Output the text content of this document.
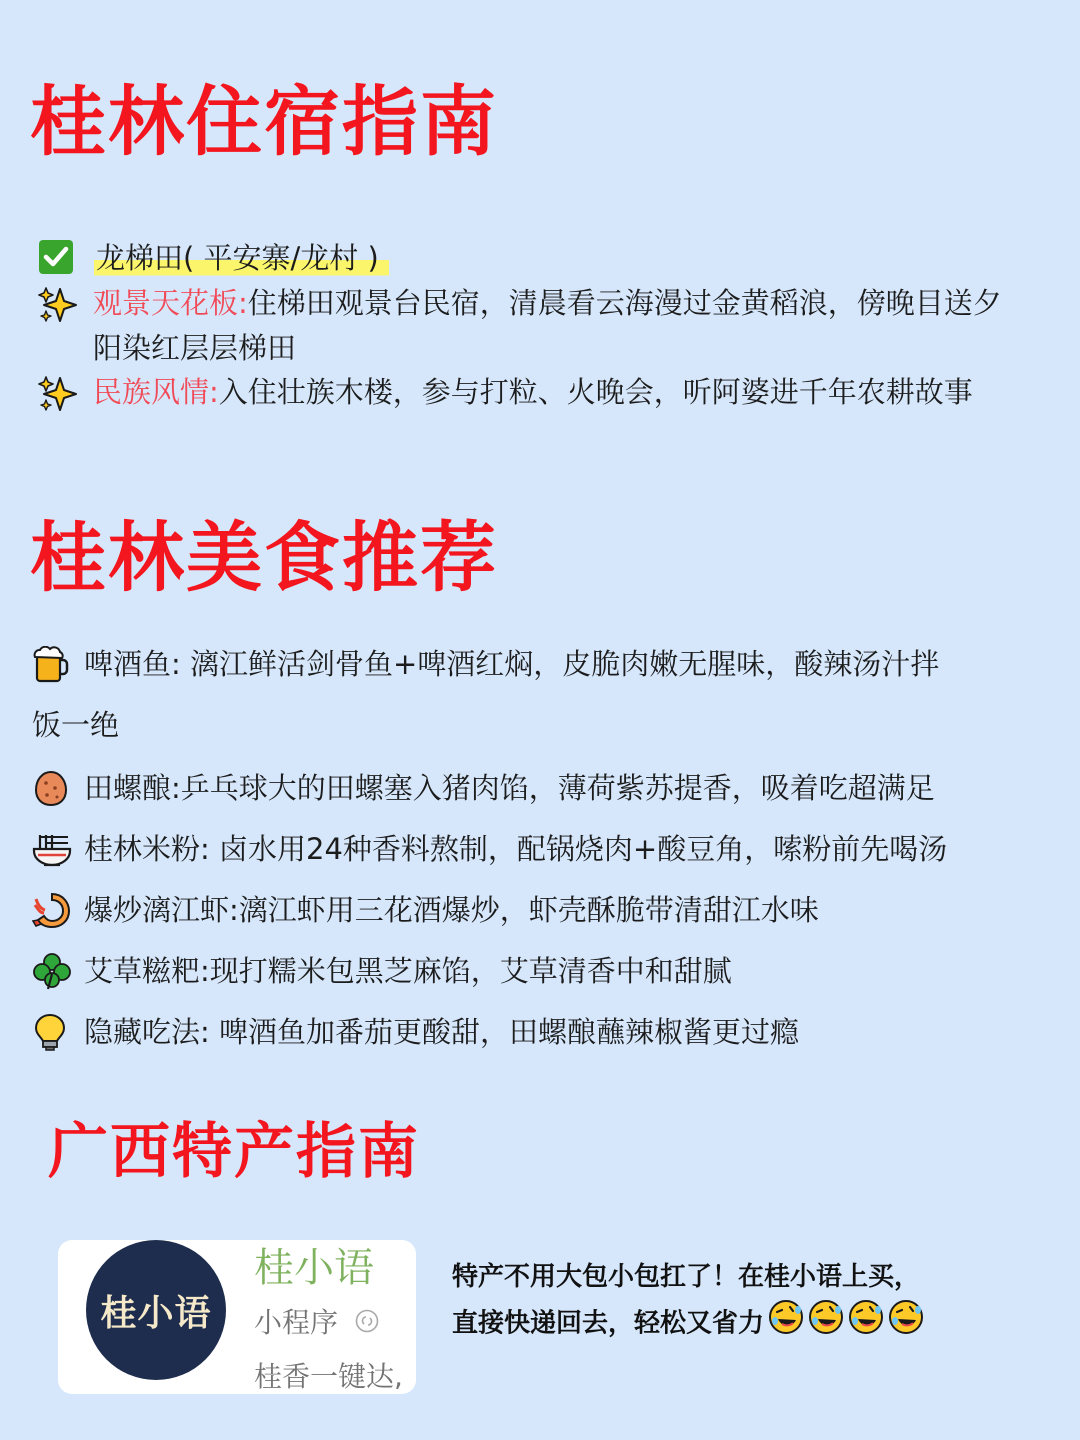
桂林住宿指南
龙梯田( 平安寨/龙村 )
观景天花板:住梯田观景台民宿，清晨看云海漫过金黄稻浪，傍晚目送夕阳染红层层梯田
民族风情:入住壮族木楼，参与打粒、火晚会，听阿婆进千年农耕故事
桂林美食推荐
啤酒鱼: 漓江鲜活剑骨鱼+啤酒红焖，皮脆肉嫩无腥味，酸辣汤汁拌
饭一绝
田螺酿:乒乓球大的田螺塞入猪肉馅，薄荷紫苏提香，吸着吃超满足
桂林米粉: 卤水用24种香料熬制，配锅烧肉+酸豆角，嗦粉前先喝汤
爆炒漓江虾:漓江虾用三花酒爆炒，虾壳酥脆带清甜江水味
艾草糍粑:现打糯米包黑芝麻馅，艾草清香中和甜腻
隐藏吃法: 啤酒鱼加番茄更酸甜，田螺酿蘸辣椒酱更过瘾
广西特产指南
桂小语
桂小语
小程序
桂香一键达,
特产不用大包小包扛了！在桂小语上买，
直接快递回去，轻松又省力
